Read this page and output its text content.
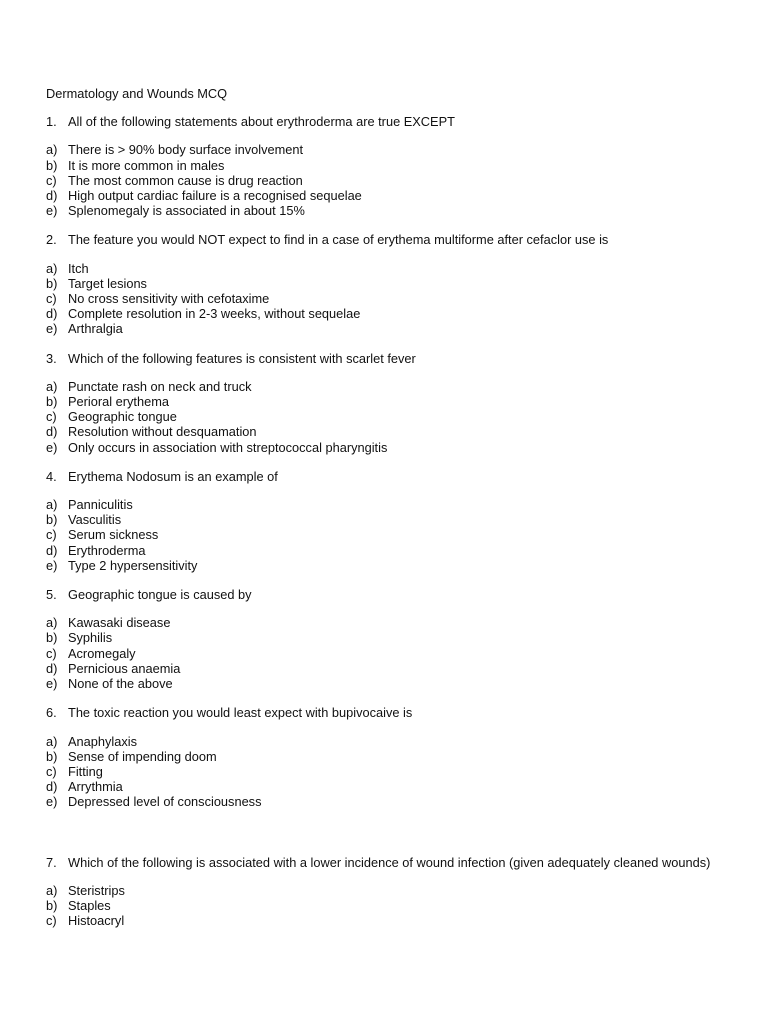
Dermatology and Wounds MCQ
1. All of the following statements about erythroderma are true EXCEPT
a) There is > 90% body surface involvement
b) It is more common in males
c) The most common cause is drug reaction
d) High output cardiac failure is a recognised sequelae
e) Splenomegaly is associated in about 15%
2. The feature you would NOT expect to find in a case of erythema multiforme after cefaclor use is
a) Itch
b) Target lesions
c) No cross sensitivity with cefotaxime
d) Complete resolution in 2-3 weeks, without sequelae
e) Arthralgia
3. Which of the following features is consistent with scarlet fever
a) Punctate rash on neck and truck
b) Perioral erythema
c) Geographic tongue
d) Resolution without desquamation
e) Only occurs in association with streptococcal pharyngitis
4. Erythema Nodosum is an example of
a) Panniculitis
b) Vasculitis
c) Serum sickness
d) Erythroderma
e) Type 2 hypersensitivity
5. Geographic tongue is caused by
a) Kawasaki disease
b) Syphilis
c) Acromegaly
d) Pernicious anaemia
e) None of the above
6. The toxic reaction you would least expect with bupivocaive is
a) Anaphylaxis
b) Sense of impending doom
c) Fitting
d) Arrythmia
e) Depressed level of consciousness
7. Which of the following is associated with a lower incidence of wound infection (given adequately cleaned wounds)
a) Steristrips
b) Staples
c) Histoacryl
